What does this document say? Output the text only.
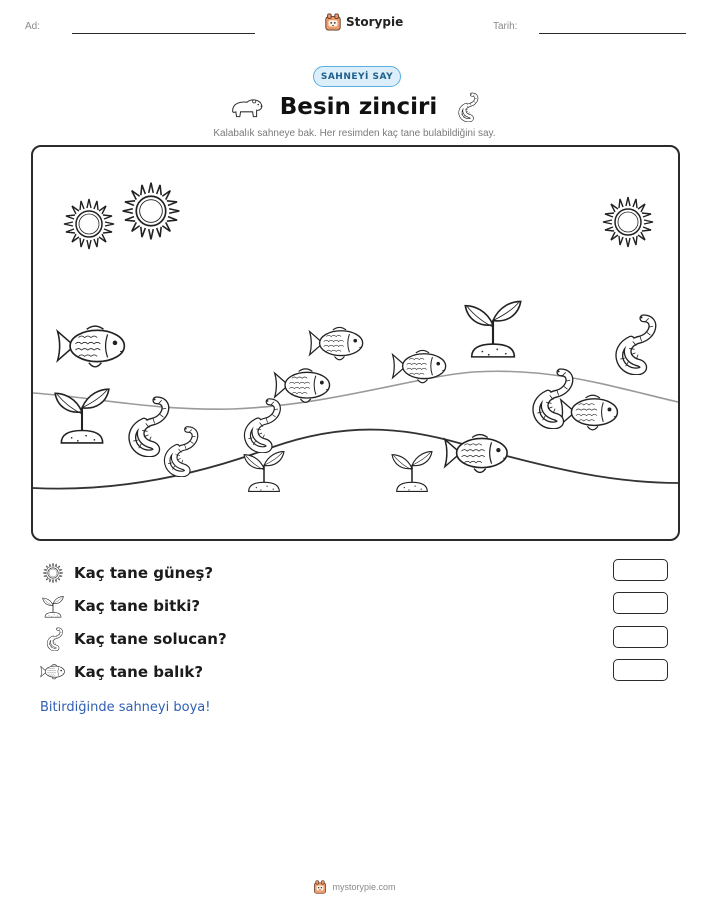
Ad:	Storypie	Tarih:
SAHNEYİ SAY
Besin zinciri
Kalabalık sahneye bak. Her resimden kaç tane bulabildiğini say.
Kaç tane güneş?
Kaç tane bitki?
Kaç tane solucan?
Kaç tane balık?
Bitirdiğinde sahneyi boya!
mystorypie.com
